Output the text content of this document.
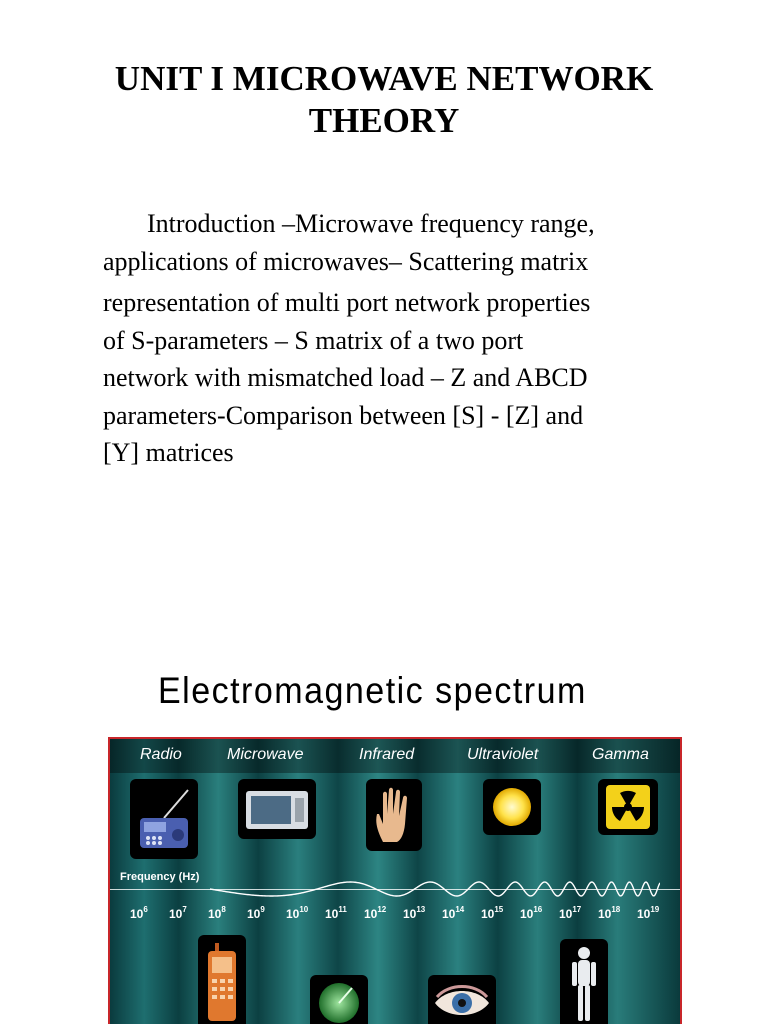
UNIT I MICROWAVE NETWORK
THEORY
Introduction –Microwave frequency range,
applications of microwaves– Scattering matrix
representation of multi port network properties
of S-parameters – S matrix of a two port
network with mismatched load – Z and ABCD
parameters-Comparison between [S] - [Z] and
[Y] matrices
Electromagnetic spectrum
Radio	Microwave	Infrared	Ultraviolet	Gamma
Frequency (Hz)
$10^6$ $10^7$ $10^8$ $10^9$ $10^{10}$ $10^{11}$ $10^{12}$ $10^{13}$ $10^{14}$ $10^{15}$ $10^{16}$ $10^{17}$ $10^{18}$ $10^{19}$
